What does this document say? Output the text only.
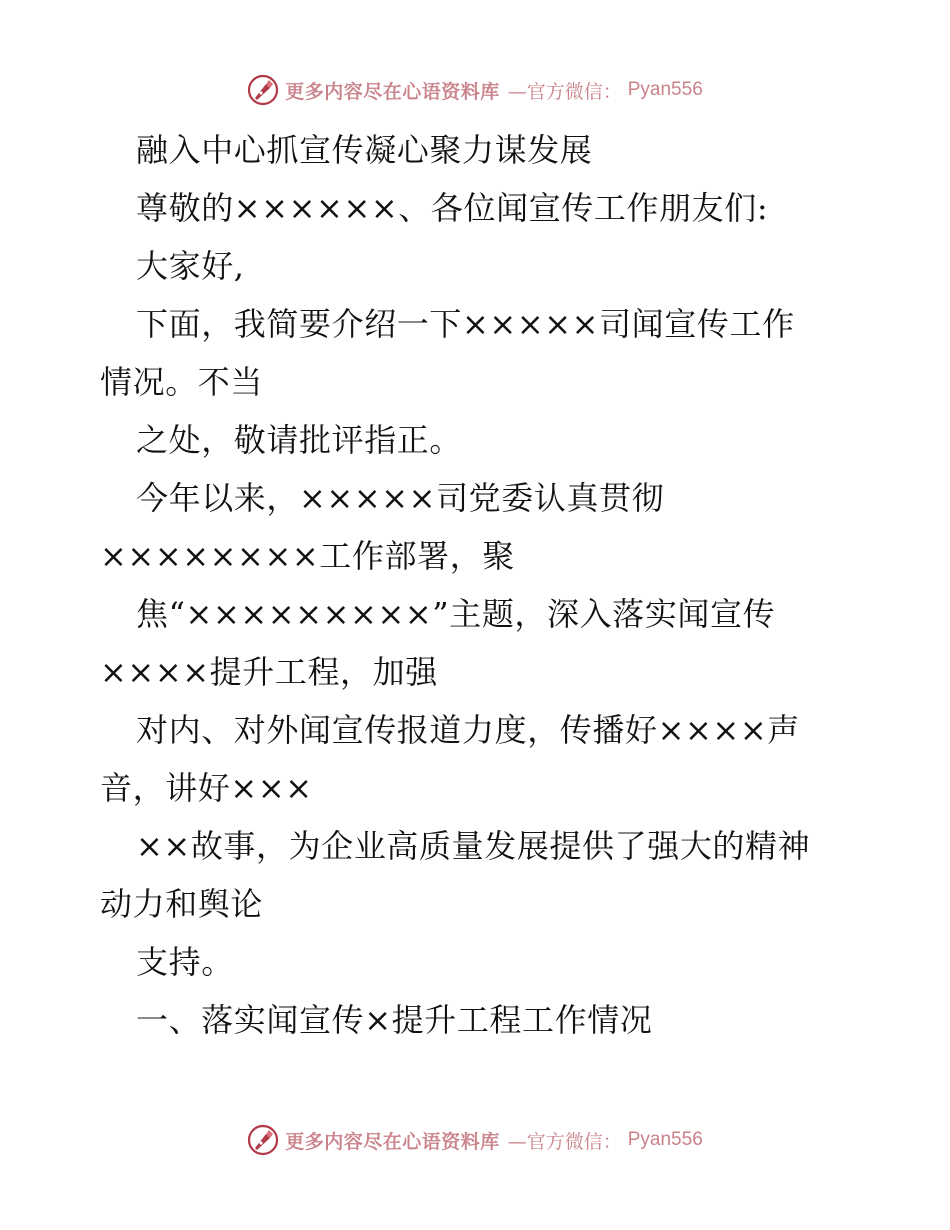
更多内容尽在心语资料库 —官方微信： Pyan556
融入中心抓宣传凝心聚力谋发展
尊敬的××××××、各位闻宣传工作朋友们:
大家好,
下面，我简要介绍一下×××××司闻宣传工作
情况。不当
之处，敬请批评指正。
今年以来，×××××司党委认真贯彻
××××××××工作部署，聚
焦“×××××××××”主题，深入落实闻宣传
××××提升工程，加强
对内、对外闻宣传报道力度，传播好××××声
音，讲好×××
××故事，为企业高质量发展提供了强大的精神
动力和舆论
支持。
一、落实闻宣传×提升工程工作情况
更多内容尽在心语资料库 —官方微信： Pyan556
